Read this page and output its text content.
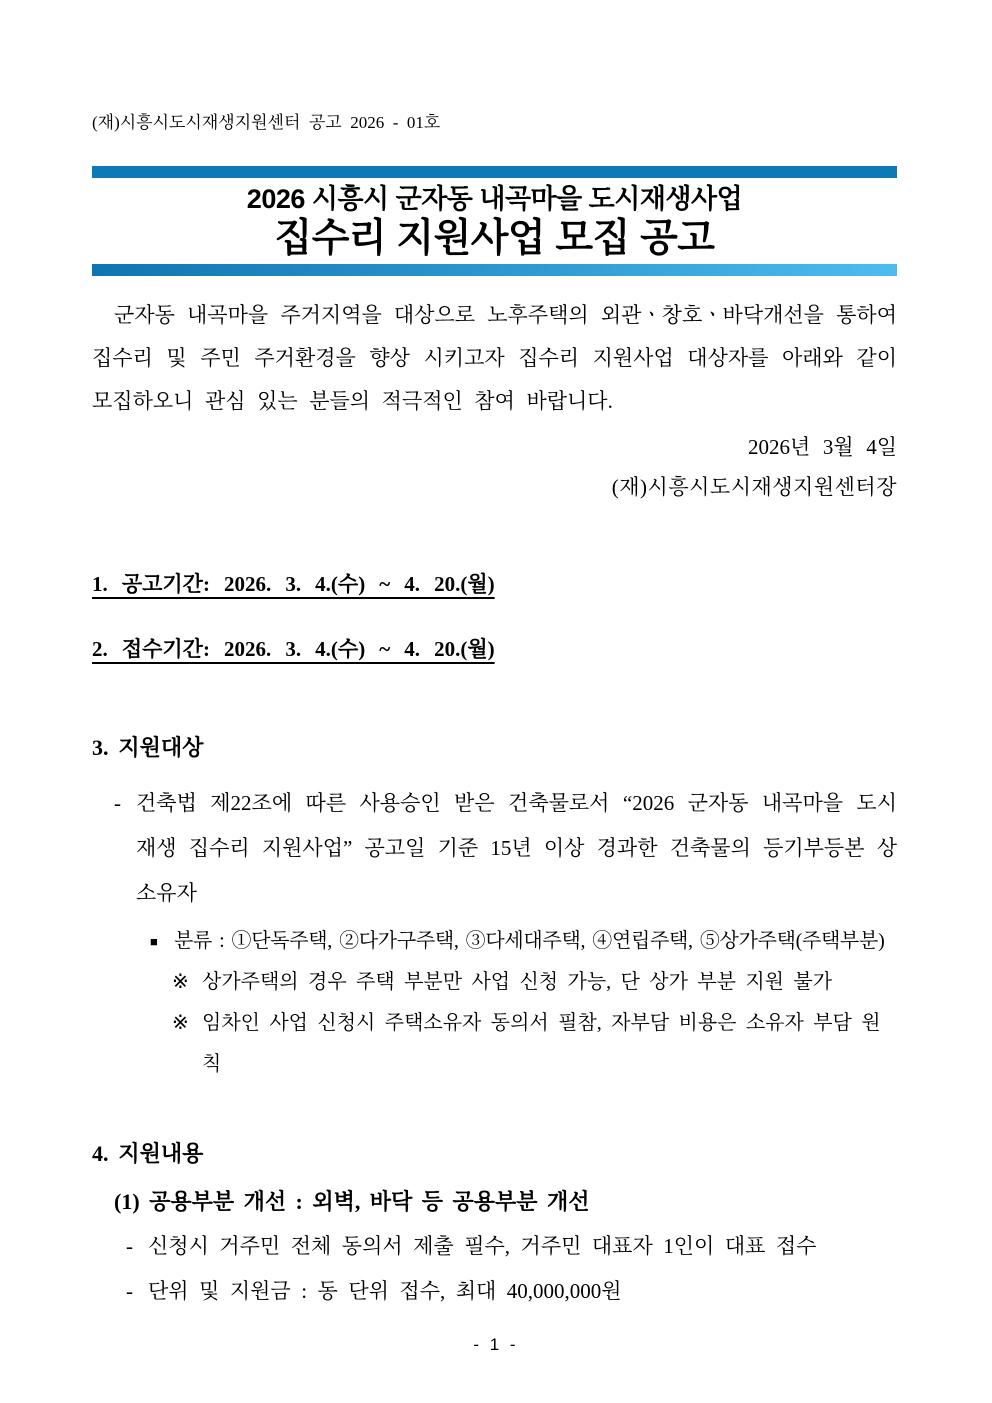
(재)시흥시도시재생지원센터 공고 2026 - 01호
2026 시흥시 군자동 내곡마을 도시재생사업
집수리 지원사업 모집 공고

군자동 내곡마을 주거지역을 대상으로 노후주택의 외관ㆍ창호ㆍ바닥개선을 통하여 집수리 및 주민 주거환경을 향상 시키고자 집수리 지원사업 대상자를 아래와 같이 모집하오니 관심 있는 분들의 적극적인 참여 바랍니다.

2026년 3월 4일
(재)시흥시도시재생지원센터장
1. 공고기간: 2026. 3. 4.(수) ~ 4. 20.(월)
2. 접수기간: 2026. 3. 4.(수) ~ 4. 20.(월)
3. 지원대상
- 건축법 제22조에 따른 사용승인 받은 건축물로서 “2026 군자동 내곡마을 도시재생 집수리 지원사업” 공고일 기준 15년 이상 경과한 건축물의 등기부등본 상 소유자
■ 분류 : ①단독주택, ②다가구주택, ③다세대주택, ④연립주택, ⑤상가주택(주택부분)
※ 상가주택의 경우 주택 부분만 사업 신청 가능, 단 상가 부분 지원 불가
※ 임차인 사업 신청시 주택소유자 동의서 필참, 자부담 비용은 소유자 부담 원칙
4. 지원내용
(1) 공용부분 개선 : 외벽, 바닥 등 공용부분 개선
- 신청시 거주민 전체 동의서 제출 필수, 거주민 대표자 1인이 대표 접수
- 단위 및 지원금 : 동 단위 접수, 최대 40,000,000원
- 1 -
